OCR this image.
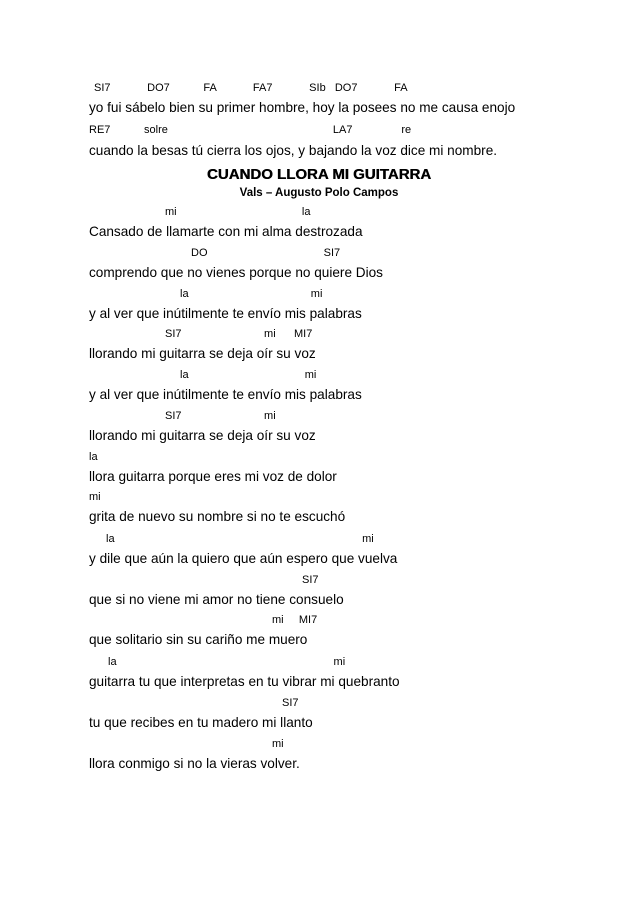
SI7            DO7           FA            FA7            SIb   DO7            FA
yo fui sábelo bien su primer hombre, hoy la posees no me causa enojo
RE7           solre                                                      LA7                re
cuando la besas tú cierra los ojos, y bajando la voz dice mi nombre.
CUANDO LLORA MI GUITARRA
Vals – Augusto Polo Campos
mi                                         la
Cansado de llamarte con mi alma destrozada
DO                                      SI7
comprendo que no vienes porque no quiere Dios
la                                        mi
y al ver que inútilmente te envío mis palabras
SI7                           mi      MI7
llorando mi guitarra se deja oír su voz
la                                      mi
y al ver que inútilmente te envío mis palabras
SI7                           mi
llorando mi guitarra se deja oír su voz
la
llora guitarra porque eres mi voz de dolor
mi
grita de nuevo su nombre si no te escuchó
la                                                                                 mi
y dile que aún la quiero que aún espero que vuelva
SI7
que si no viene mi amor no tiene consuelo
mi     MI7
que solitario sin su cariño me muero
la                                                                       mi
guitarra tu que interpretas en tu vibrar mi quebranto
SI7
tu que recibes en tu madero mi llanto
mi
llora conmigo si no la vieras volver.
